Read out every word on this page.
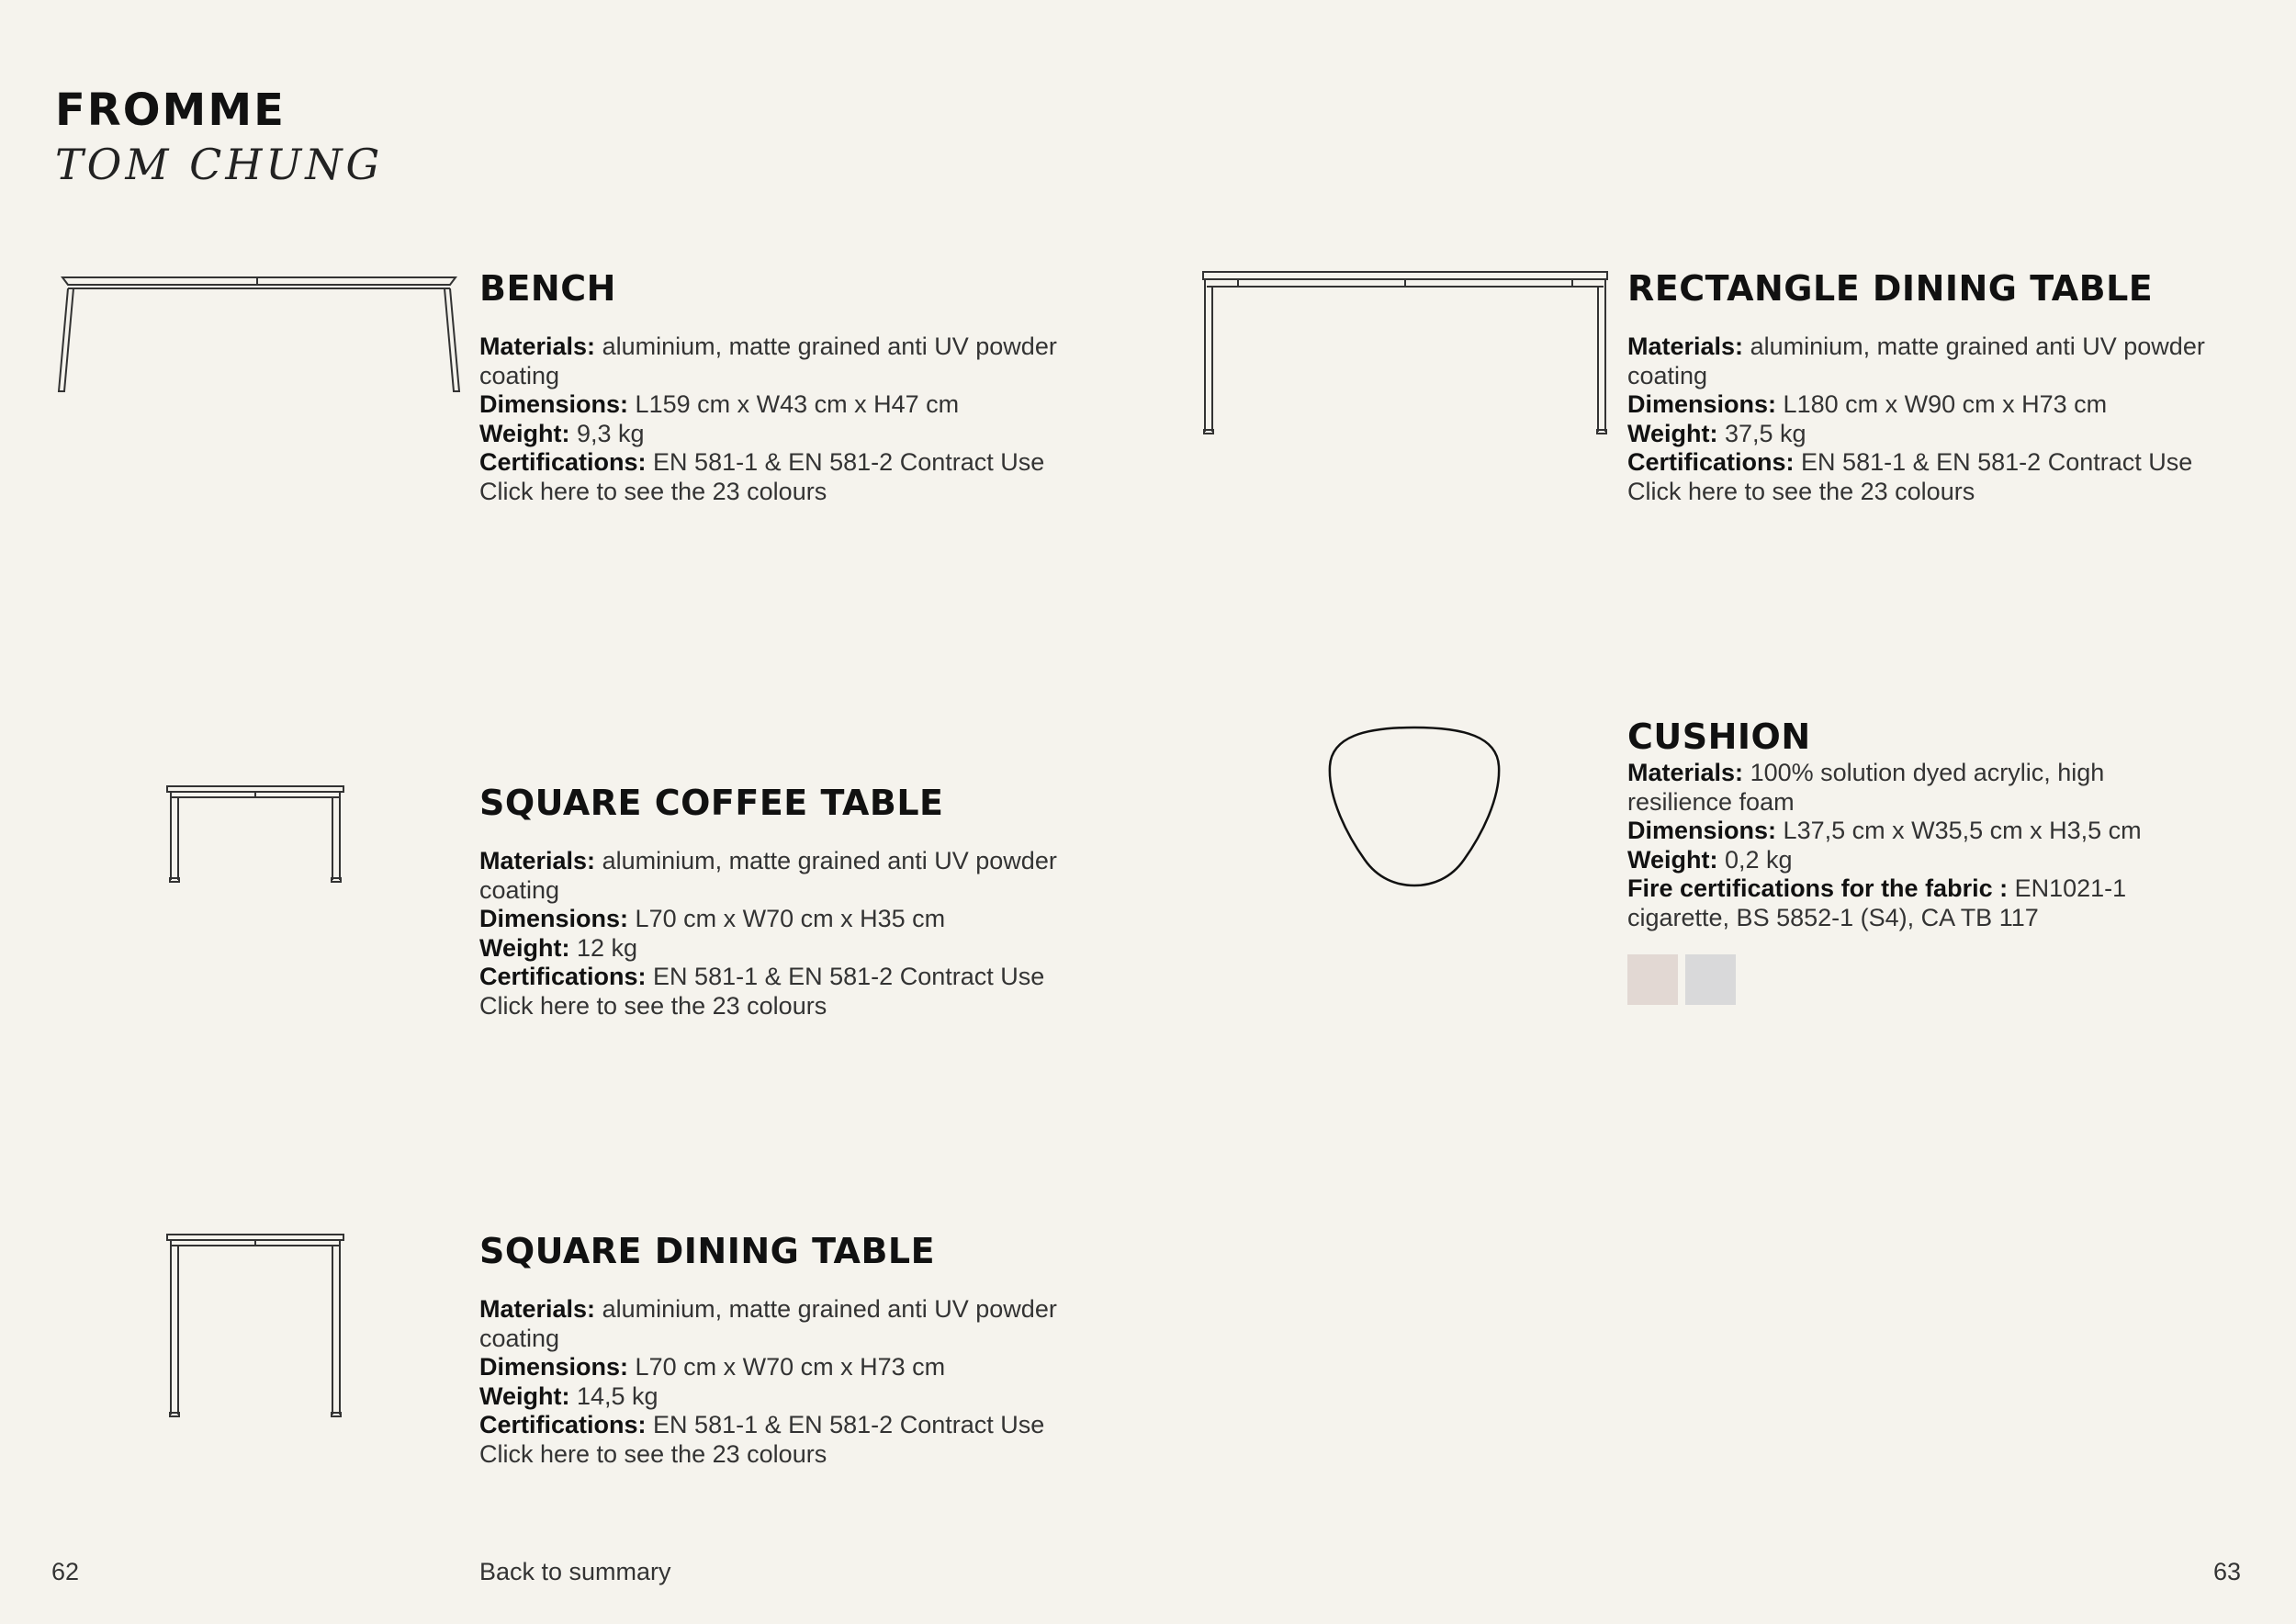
FROMME
TOM CHUNG
BENCH
Materials: aluminium, matte grained anti UV powder coating
Dimensions: L159 cm x W43 cm x H47 cm
Weight: 9,3 kg
Certifications: EN 581-1 & EN 581-2 Contract Use
Click here to see the 23 colours
SQUARE COFFEE TABLE
Materials: aluminium, matte grained anti UV powder coating
Dimensions: L70 cm x W70 cm x H35 cm
Weight: 12 kg
Certifications: EN 581-1 & EN 581-2 Contract Use
Click here to see the 23 colours
SQUARE DINING TABLE
Materials: aluminium, matte grained anti UV powder coating
Dimensions: L70 cm x W70 cm x H73 cm
Weight: 14,5 kg
Certifications: EN 581-1 & EN 581-2 Contract Use
Click here to see the 23 colours
RECTANGLE DINING TABLE
Materials: aluminium, matte grained anti UV powder coating
Dimensions: L180 cm x W90 cm x H73 cm
Weight: 37,5 kg
Certifications: EN 581-1 & EN 581-2 Contract Use
Click here to see the 23 colours
CUSHION
Materials: 100% solution dyed acrylic, high resilience foam
Dimensions: L37,5 cm x W35,5 cm x H3,5 cm
Weight: 0,2 kg
Fire certifications for the fabric : EN1021-1 cigarette, BS 5852-1 (S4), CA TB 117
62	Back to summary	63
